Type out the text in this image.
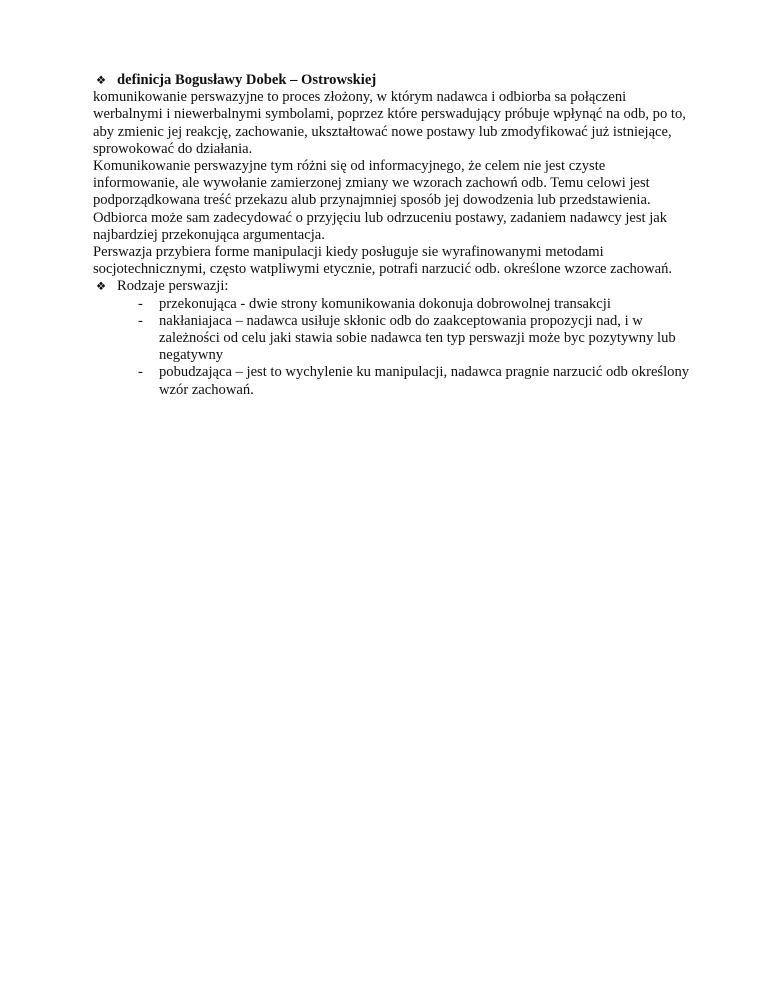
❖ definicja Bogusławy Dobek – Ostrowskiej

komunikowanie perswazyjne to proces złożony, w którym nadawca i odbiorba sa połączeni werbalnymi i niewerbalnymi symbolami, poprzez które perswadujący próbuje wpłynąć na odb, po to, aby zmienic jej reakcję, zachowanie, ukształtować nowe postawy lub zmodyfikować już istniejące, sprowokować do działania.

Komunikowanie perswazyjne tym różni się od informacyjnego, że celem nie jest czyste informowanie, ale wywołanie zamierzonej zmiany we wzorach zachowń odb. Temu celowi jest podporządkowana treść przekazu alub przynajmniej sposób jej dowodzenia lub przedstawienia. Odbiorca może sam zadecydować o przyjęciu lub odrzuceniu postawy, zadaniem nadawcy jest jak najbardziej przekonująca argumentacja.

Perswazja przybiera forme manipulacji kiedy posługuje sie wyrafinowanymi metodami socjotechnicznymi, często watpliwymi etycznie, potrafi narzucić odb. określone wzorce zachowań.

❖ Rodzaje perswazji:
- przekonująca - dwie strony komunikowania dokonuja dobrowolnej transakcji
- nakłaniajaca – nadawca usiłuje skłonic odb do zaakceptowania propozycji nad, i w zależności od celu jaki stawia sobie nadawca ten typ perswazji może byc pozytywny lub negatywny
- pobudzająca – jest to wychylenie ku manipulacji, nadawca pragnie narzucić odb określony wzór zachowań.
